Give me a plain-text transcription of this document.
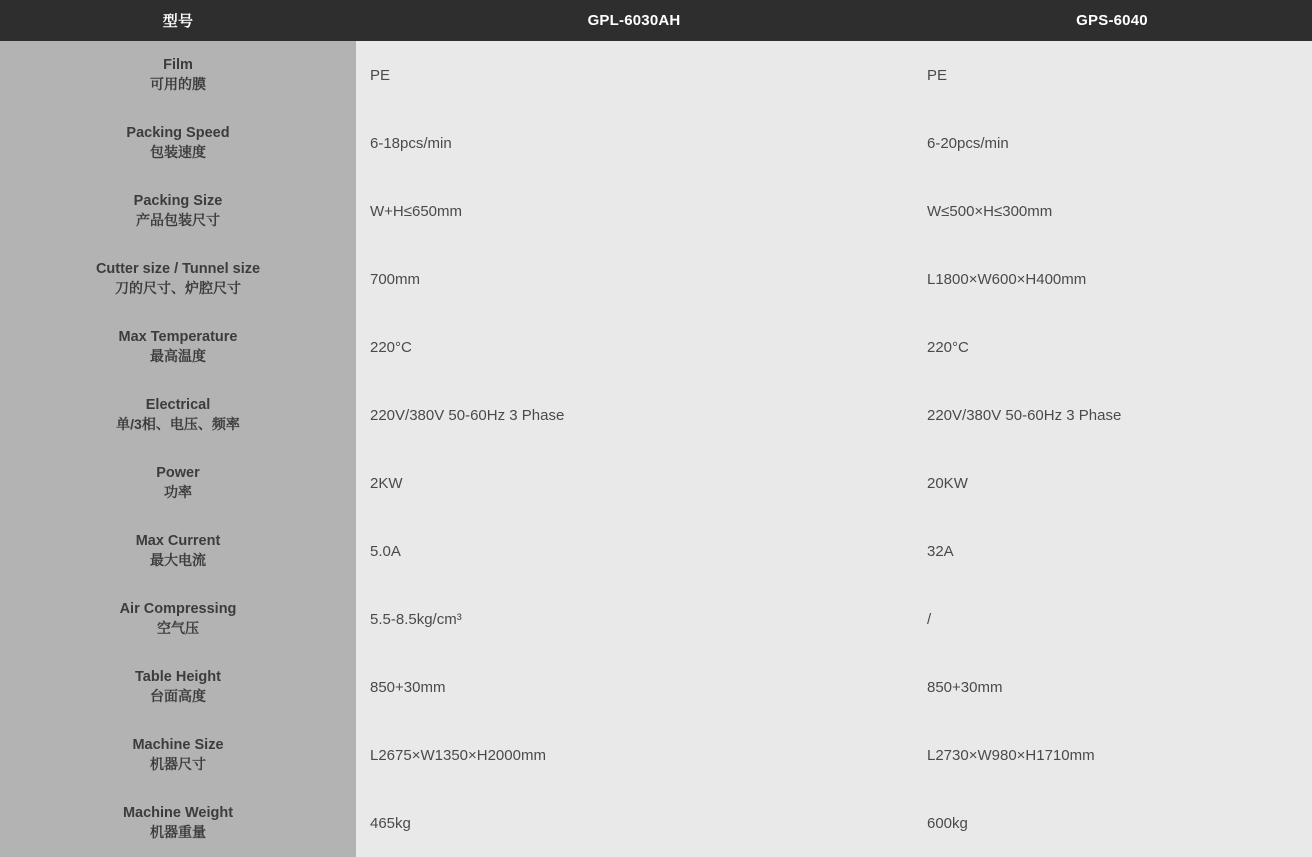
型号	GPL-6030AH	GPS-6040
Film
可用的膜	PE	PE
Packing Speed
包装速度	6-18pcs/min	6-20pcs/min
Packing Size
产品包装尺寸	W+H≤650mm	W≤500×H≤300mm
Cutter size / Tunnel size
刀的尺寸、炉腔尺寸	700mm	L1800×W600×H400mm
Max Temperature
最高温度	220°C	220°C
Electrical
单/3相、电压、频率	220V/380V 50-60Hz 3 Phase	220V/380V 50-60Hz 3 Phase
Power
功率	2KW	20KW
Max Current
最大电流	5.0A	32A
Air Compressing
空气压	5.5-8.5kg/cm³	/
Table Height
台面高度	850+30mm	850+30mm
Machine Size
机器尺寸	L2675×W1350×H2000mm	L2730×W980×H1710mm
Machine Weight
机器重量	465kg	600kg
